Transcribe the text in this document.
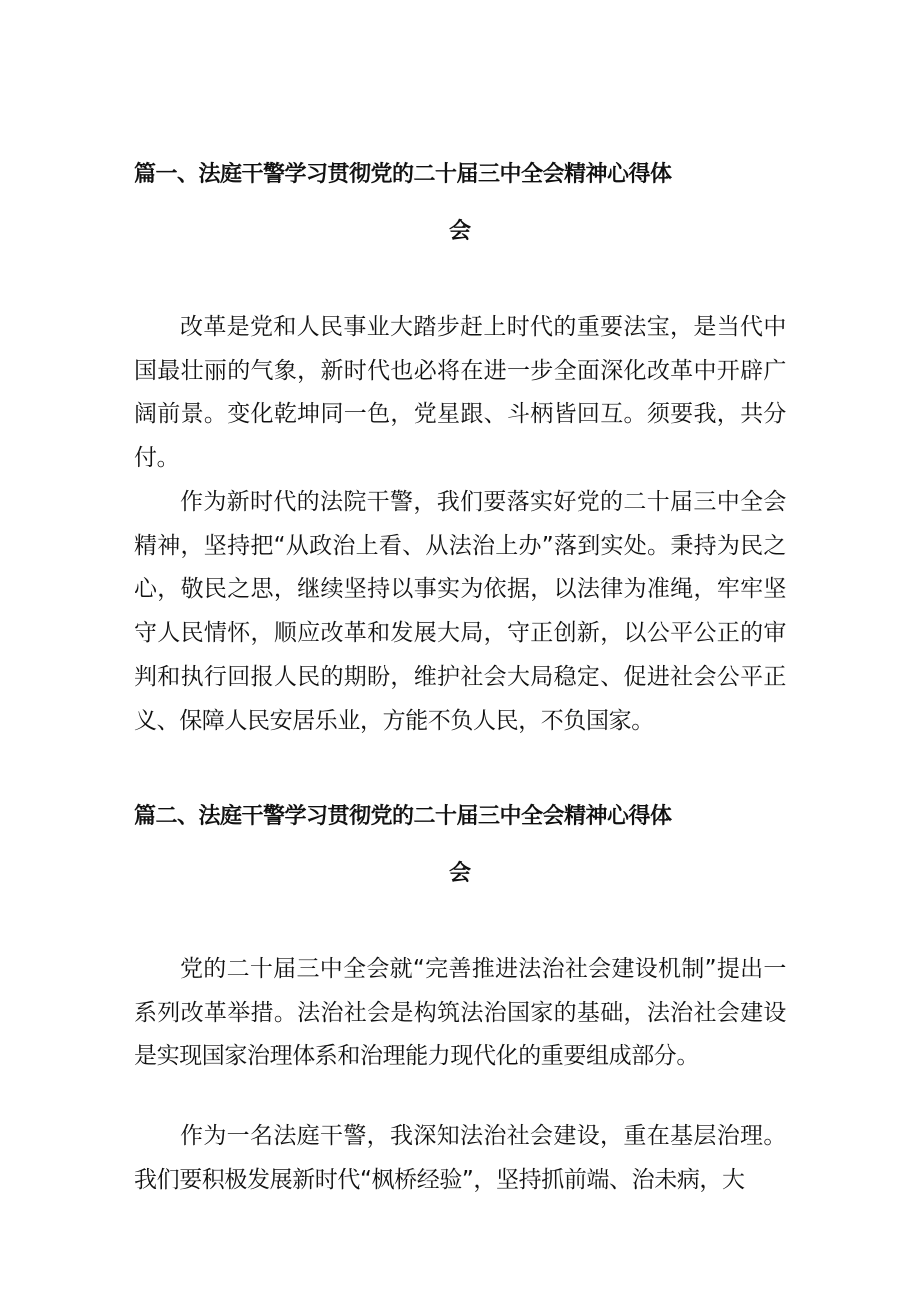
篇一、法庭干警学习贯彻党的二十届三中全会精神心得体
会

改革是党和人民事业大踏步赶上时代的重要法宝，是当代中国最壮丽的气象，新时代也必将在进一步全面深化改革中开辟广阔前景。变化乾坤同一色，党星跟、斗柄皆回互。须要我，共分付。

作为新时代的法院干警，我们要落实好党的二十届三中全会精神，坚持把“从政治上看、从法治上办”落到实处。秉持为民之心，敬民之思，继续坚持以事实为依据，以法律为准绳，牢牢坚守人民情怀，顺应改革和发展大局，守正创新，以公平公正的审判和执行回报人民的期盼，维护社会大局稳定、促进社会公平正义、保障人民安居乐业，方能不负人民，不负国家。

篇二、法庭干警学习贯彻党的二十届三中全会精神心得体
会

党的二十届三中全会就“完善推进法治社会建设机制”提出一系列改革举措。法治社会是构筑法治国家的基础，法治社会建设是实现国家治理体系和治理能力现代化的重要组成部分。

作为一名法庭干警，我深知法治社会建设，重在基层治理。我们要积极发展新时代“枫桥经验”，坚持抓前端、治未病，大
